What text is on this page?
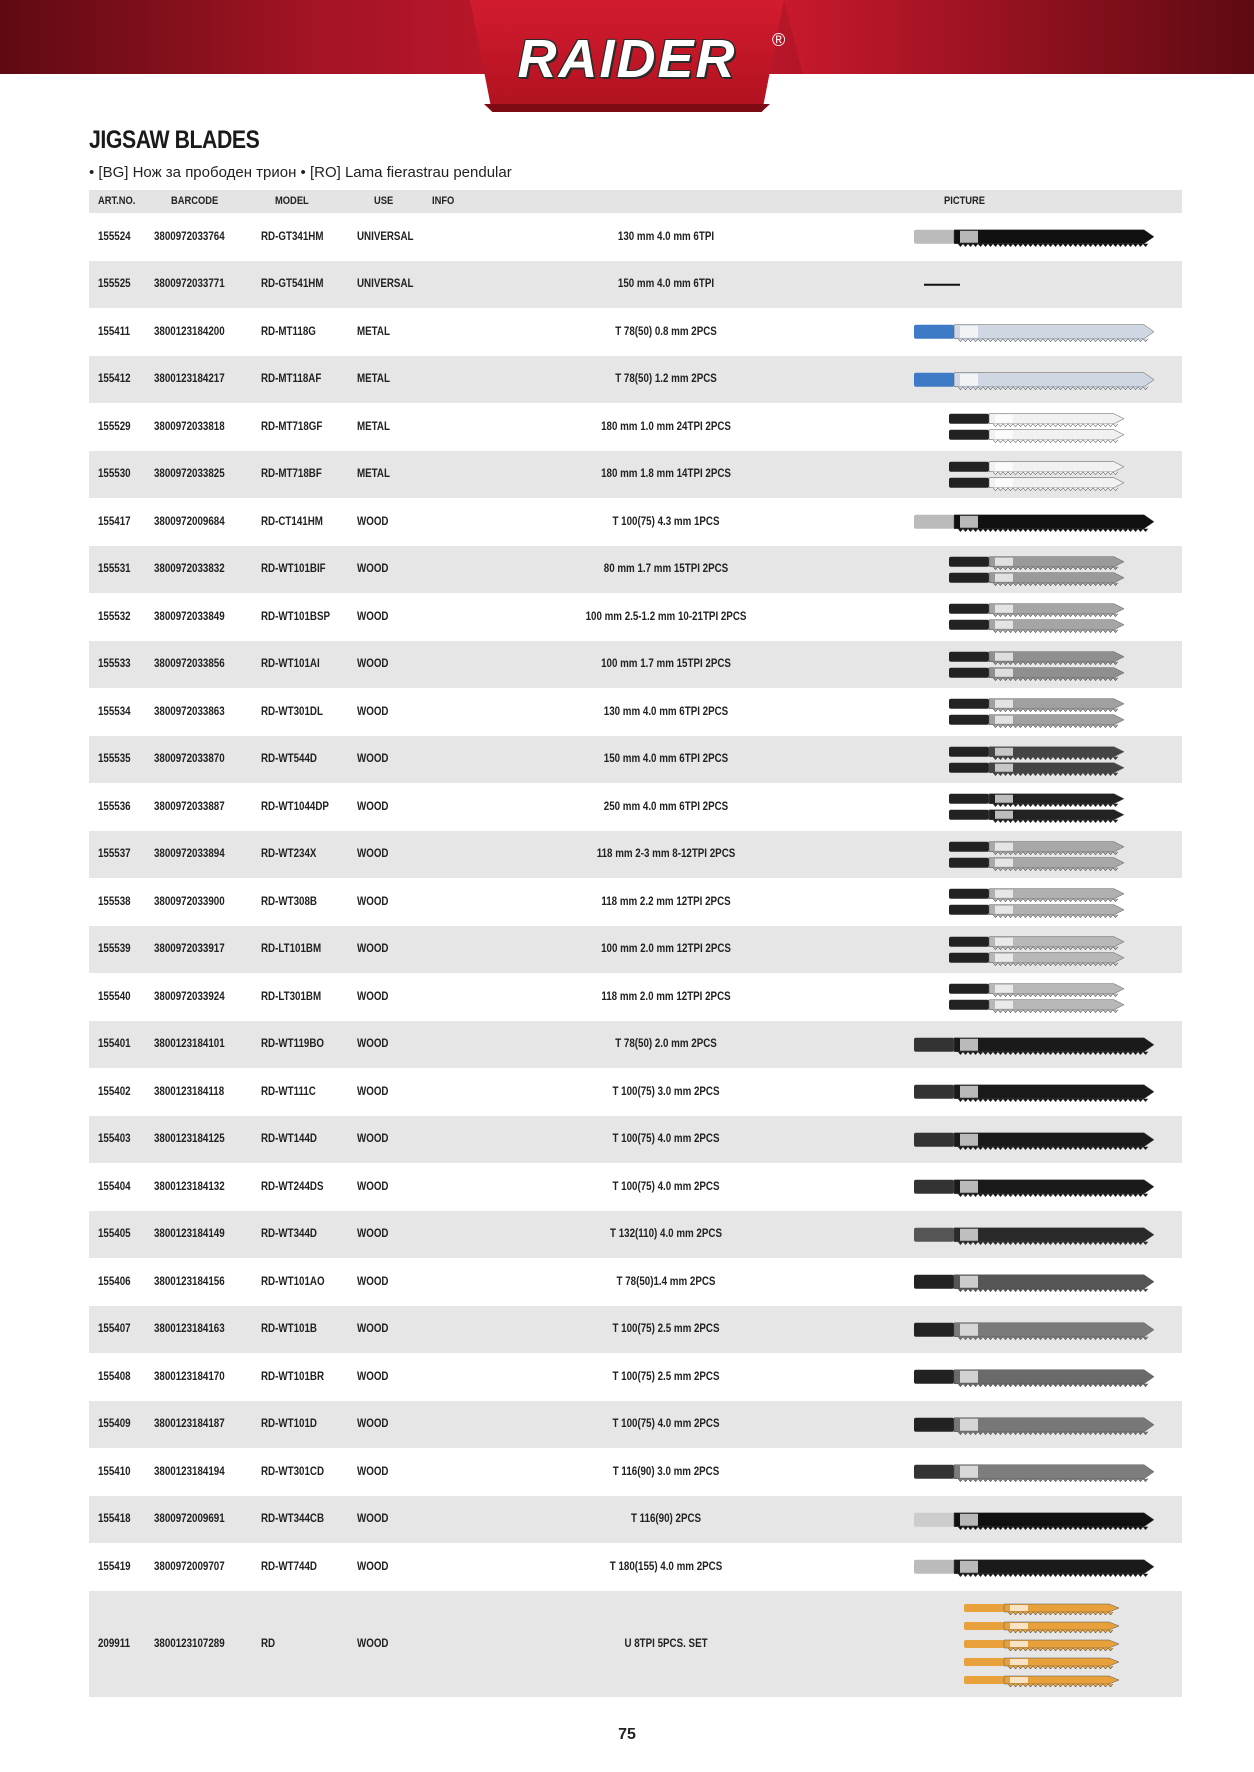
RAIDER	®
JIGSAW BLADES
• [BG] Нож за прободен трион • [RO] Lama fierastrau pendular
ART.NO.	BARCODE	MODEL	USE	INFO	PICTURE
155524 3800972033764	RD-GT341HM	UNIVERSAL	130 mm 4.0 mm 6TPI
155525 3800972033771	RD-GT541HM	UNIVERSAL	150 mm 4.0 mm 6TPI
155411 3800123184200	RD-MT118G	METAL	T 78(50) 0.8 mm 2PCS
155412 3800123184217	RD-MT118AF	METAL	T 78(50) 1.2 mm 2PCS
155529 3800972033818	RD-MT718GF	METAL	180 mm 1.0 mm 24TPI 2PCS
155530 3800972033825	RD-MT718BF	METAL	180 mm 1.8 mm 14TPI 2PCS
155417 3800972009684	RD-CT141HM	WOOD	T 100(75) 4.3 mm 1PCS
155531 3800972033832	RD-WT101BIF	WOOD	80 mm 1.7 mm 15TPI 2PCS
155532 3800972033849	RD-WT101BSP WOOD	100 mm 2.5-1.2 mm 10-21TPI 2PCS
155533 3800972033856	RD-WT101AI	WOOD	100 mm 1.7 mm 15TPI 2PCS
155534 3800972033863	RD-WT301DL	WOOD	130 mm 4.0 mm 6TPI 2PCS
155535 3800972033870	RD-WT544D	WOOD	150 mm 4.0 mm 6TPI 2PCS
155536 3800972033887	RD-WT1044DP WOOD	250 mm 4.0 mm 6TPI 2PCS
155537 3800972033894	RD-WT234X	WOOD	118 mm 2-3 mm 8-12TPI 2PCS
155538 3800972033900	RD-WT308B	WOOD	118 mm 2.2 mm 12TPI 2PCS
155539 3800972033917	RD-LT101BM	WOOD	100 mm 2.0 mm 12TPI 2PCS
155540 3800972033924	RD-LT301BM	WOOD	118 mm 2.0 mm 12TPI 2PCS
155401 3800123184101	RD-WT119BO	WOOD	T 78(50) 2.0 mm 2PCS
155402 3800123184118	RD-WT111C	WOOD	T 100(75) 3.0 mm 2PCS
155403 3800123184125	RD-WT144D	WOOD	T 100(75) 4.0 mm 2PCS
155404 3800123184132	RD-WT244DS	WOOD	T 100(75) 4.0 mm 2PCS
155405 3800123184149	RD-WT344D	WOOD	T 132(110) 4.0 mm 2PCS
155406 3800123184156	RD-WT101AO	WOOD	T 78(50)1.4 mm 2PCS
155407 3800123184163	RD-WT101B	WOOD	T 100(75) 2.5 mm 2PCS
155408 3800123184170	RD-WT101BR	WOOD	T 100(75) 2.5 mm 2PCS
155409 3800123184187	RD-WT101D	WOOD	T 100(75) 4.0 mm 2PCS
155410 3800123184194	RD-WT301CD	WOOD	T 116(90) 3.0 mm 2PCS
155418 3800972009691	RD-WT344CB	WOOD	T 116(90) 2PCS
155419 3800972009707	RD-WT744D	WOOD	T 180(155) 4.0 mm 2PCS
209911 3800123107289	RD	WOOD	U 8TPI 5PCS. SET
75
